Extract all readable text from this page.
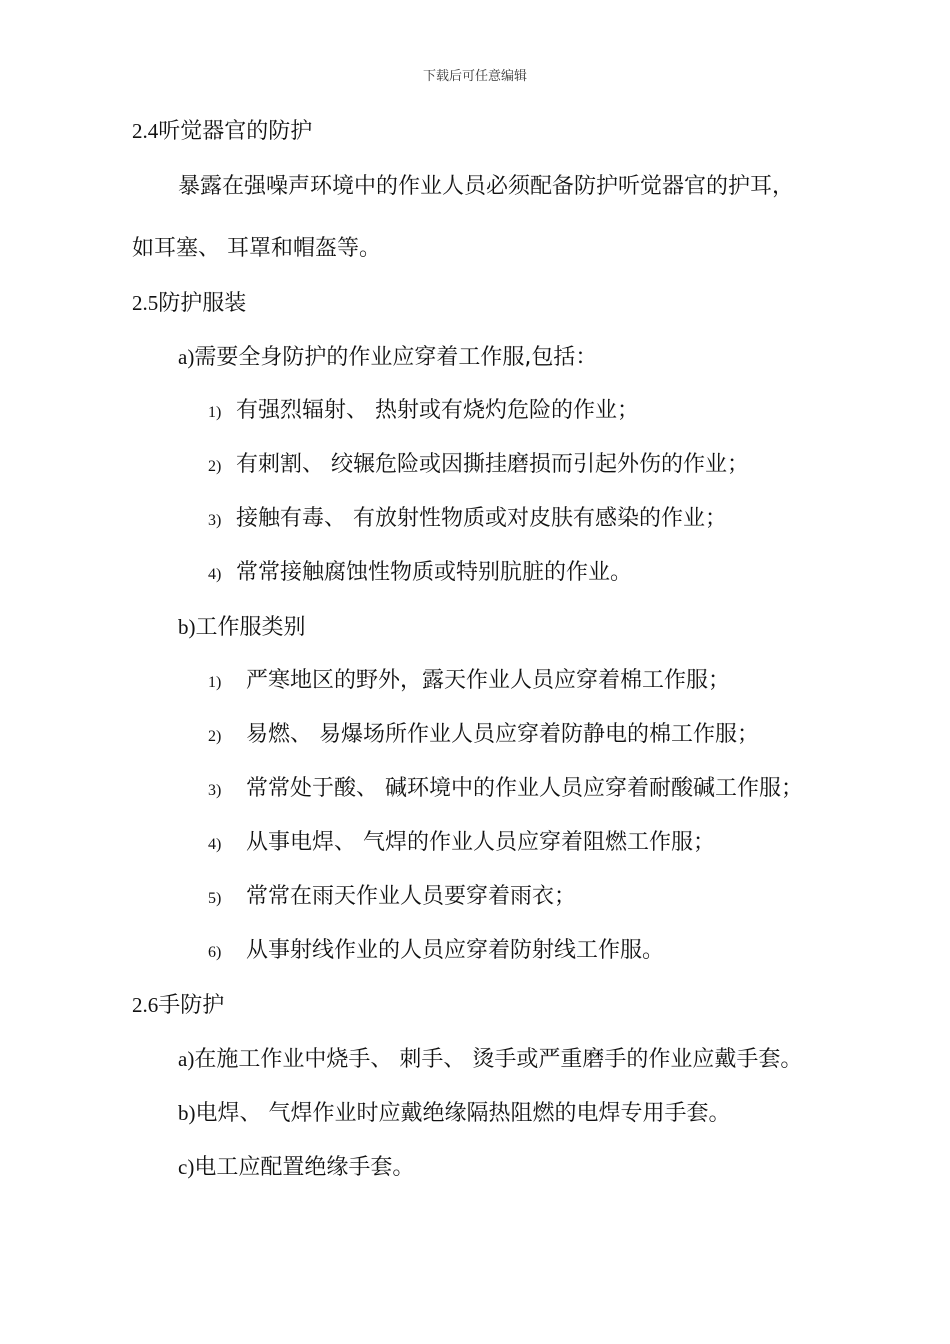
下载后可任意编辑
2.4听觉器官的防护
暴露在强噪声环境中的作业人员必须配备防护听觉器官的护耳，
如耳塞、 耳罩和帽盔等。
2.5防护服装
a)需要全身防护的作业应穿着工作服,包括：
1) 有强烈辐射、 热射或有烧灼危险的作业；
2) 有刺割、 绞辗危险或因撕挂磨损而引起外伤的作业；
3) 接触有毒、 有放射性物质或对皮肤有感染的作业；
4) 常常接触腐蚀性物质或特别肮脏的作业。
b)工作服类别
1) 严寒地区的野外，露天作业人员应穿着棉工作服；
2) 易燃、 易爆场所作业人员应穿着防静电的棉工作服；
3) 常常处于酸、 碱环境中的作业人员应穿着耐酸碱工作服；
4) 从事电焊、 气焊的作业人员应穿着阻燃工作服；
5) 常常在雨天作业人员要穿着雨衣；
6) 从事射线作业的人员应穿着防射线工作服。
2.6手防护
a)在施工作业中烧手、 刺手、 烫手或严重磨手的作业应戴手套。
b)电焊、 气焊作业时应戴绝缘隔热阻燃的电焊专用手套。
c)电工应配置绝缘手套。
